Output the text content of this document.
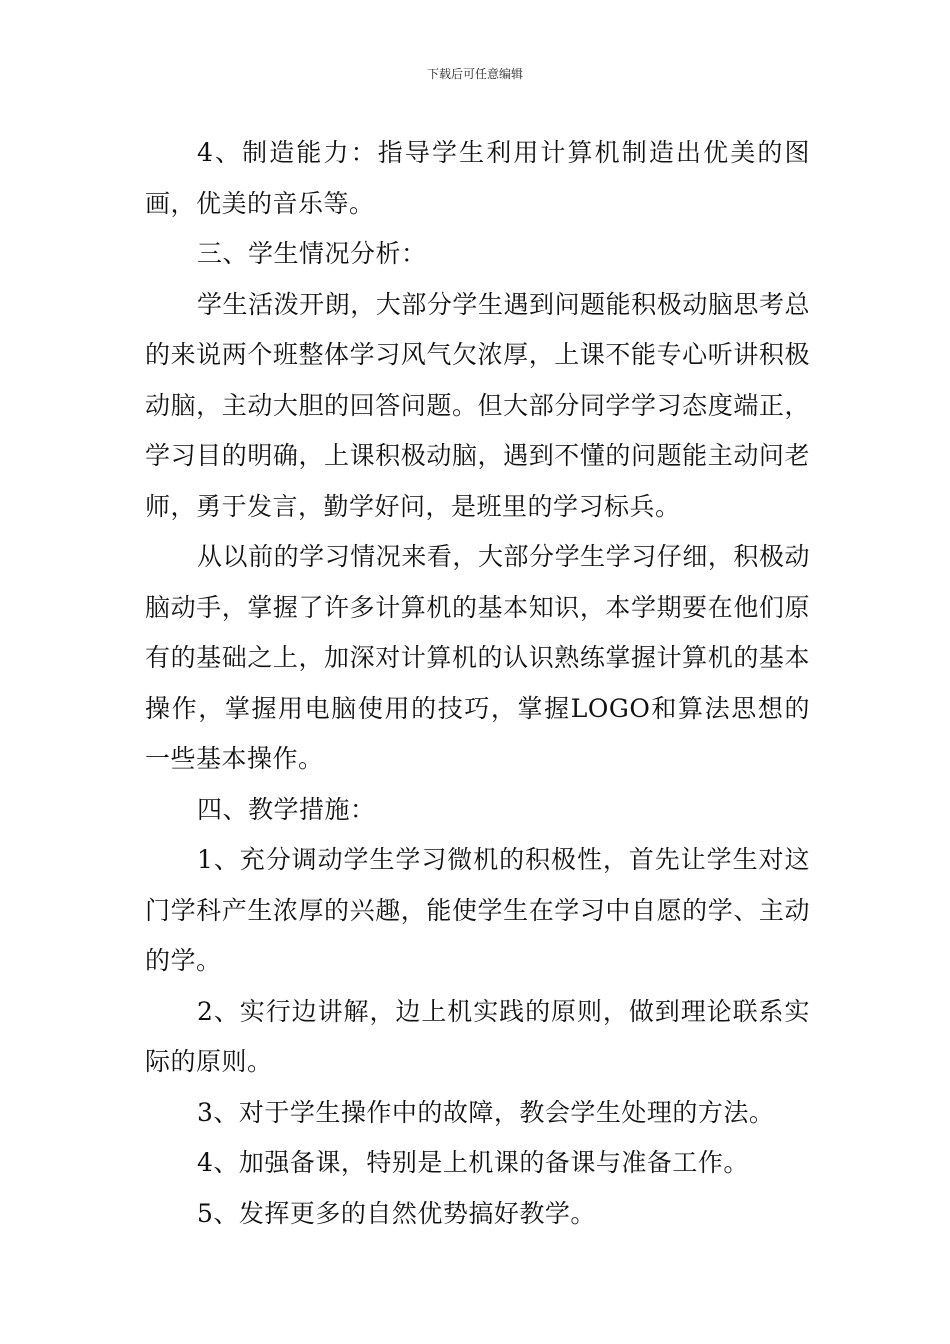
下载后可任意编辑

4、制造能力：指导学生利用计算机制造出优美的图画，优美的音乐等。

三、学生情况分析：

学生活泼开朗，大部分学生遇到问题能积极动脑思考总的来说两个班整体学习风气欠浓厚，上课不能专心听讲积极动脑，主动大胆的回答问题。但大部分同学学习态度端正，学习目的明确，上课积极动脑，遇到不懂的问题能主动问老师，勇于发言，勤学好问，是班里的学习标兵。

从以前的学习情况来看，大部分学生学习仔细，积极动脑动手，掌握了许多计算机的基本知识，本学期要在他们原有的基础之上，加深对计算机的认识熟练掌握计算机的基本操作，掌握用电脑使用的技巧，掌握LOGO和算法思想的一些基本操作。

四、教学措施：

1、充分调动学生学习微机的积极性，首先让学生对这门学科产生浓厚的兴趣，能使学生在学习中自愿的学、主动的学。

2、实行边讲解，边上机实践的原则，做到理论联系实际的原则。

3、对于学生操作中的故障，教会学生处理的方法。

4、加强备课，特别是上机课的备课与准备工作。

5、发挥更多的自然优势搞好教学。
